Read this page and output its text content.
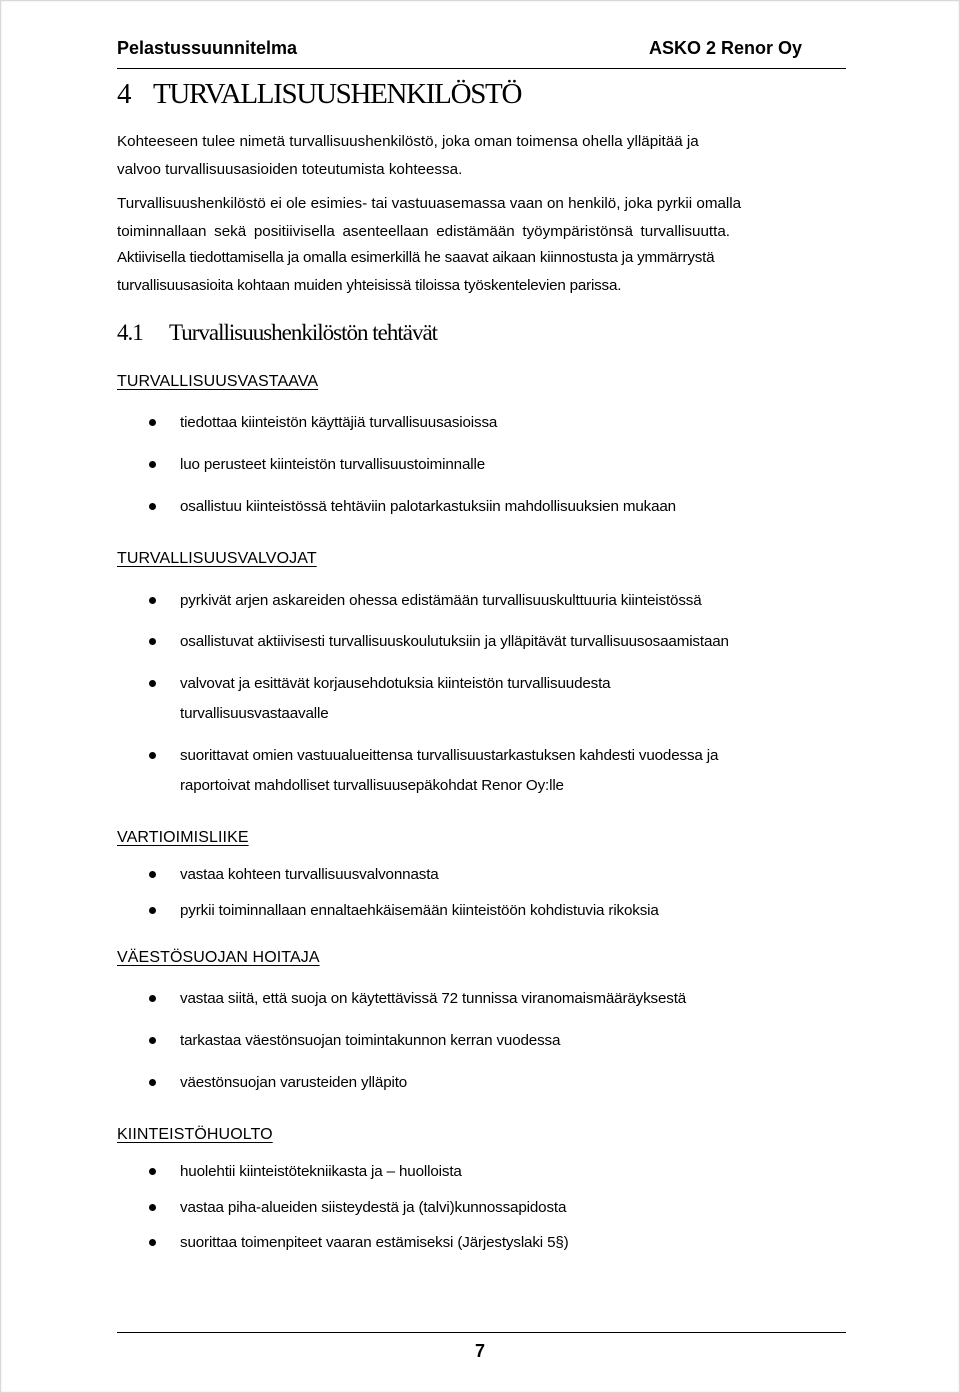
Pelastussuunnitelma	ASKO 2 Renor Oy
4 TURVALLISUUSHENKILÖSTÖ
Kohteeseen tulee nimetä turvallisuushenkilöstö, joka oman toimensa ohella ylläpitää ja
valvoo turvallisuusasioiden toteutumista kohteessa.
Turvallisuushenkilöstö ei ole esimies- tai vastuuasemassa vaan on henkilö, joka pyrkii omalla
toiminnallaan sekä positiivisella asenteellaan edistämään työympäristönsä turvallisuutta.
Aktiivisella tiedottamisella ja omalla esimerkillä he saavat aikaan kiinnostusta ja ymmärrystä
turvallisuusasioita kohtaan muiden yhteisissä tiloissa työskentelevien parissa.
4.1 Turvallisuushenkilöstön tehtävät
TURVALLISUUSVASTAAVA
tiedottaa kiinteistön käyttäjiä turvallisuusasioissa
luo perusteet kiinteistön turvallisuustoiminnalle
osallistuu kiinteistössä tehtäviin palotarkastuksiin mahdollisuuksien mukaan
TURVALLISUUSVALVOJAT
pyrkivät arjen askareiden ohessa edistämään turvallisuuskulttuuria kiinteistössä
osallistuvat aktiivisesti turvallisuuskoulutuksiin ja ylläpitävät turvallisuusosaamistaan
valvovat ja esittävät korjausehdotuksia kiinteistön turvallisuudesta
turvallisuusvastaavalle
suorittavat omien vastuualueittensa turvallisuustarkastuksen kahdesti vuodessa ja
raportoivat mahdolliset turvallisuusepäkohdat Renor Oy:lle
VARTIOIMISLIIKE
vastaa kohteen turvallisuusvalvonnasta
pyrkii toiminnallaan ennaltaehkäisemään kiinteistöön kohdistuvia rikoksia
VÄESTÖSUOJAN HOITAJA
vastaa siitä, että suoja on käytettävissä 72 tunnissa viranomaismääräyksestä
tarkastaa väestönsuojan toimintakunnon kerran vuodessa
väestönsuojan varusteiden ylläpito
KIINTEISTÖHUOLTO
huolehtii kiinteistötekniikasta ja – huolloista
vastaa piha-alueiden siisteydestä ja (talvi)kunnossapidosta
suorittaa toimenpiteet vaaran estämiseksi (Järjestyslaki 5§)
7
